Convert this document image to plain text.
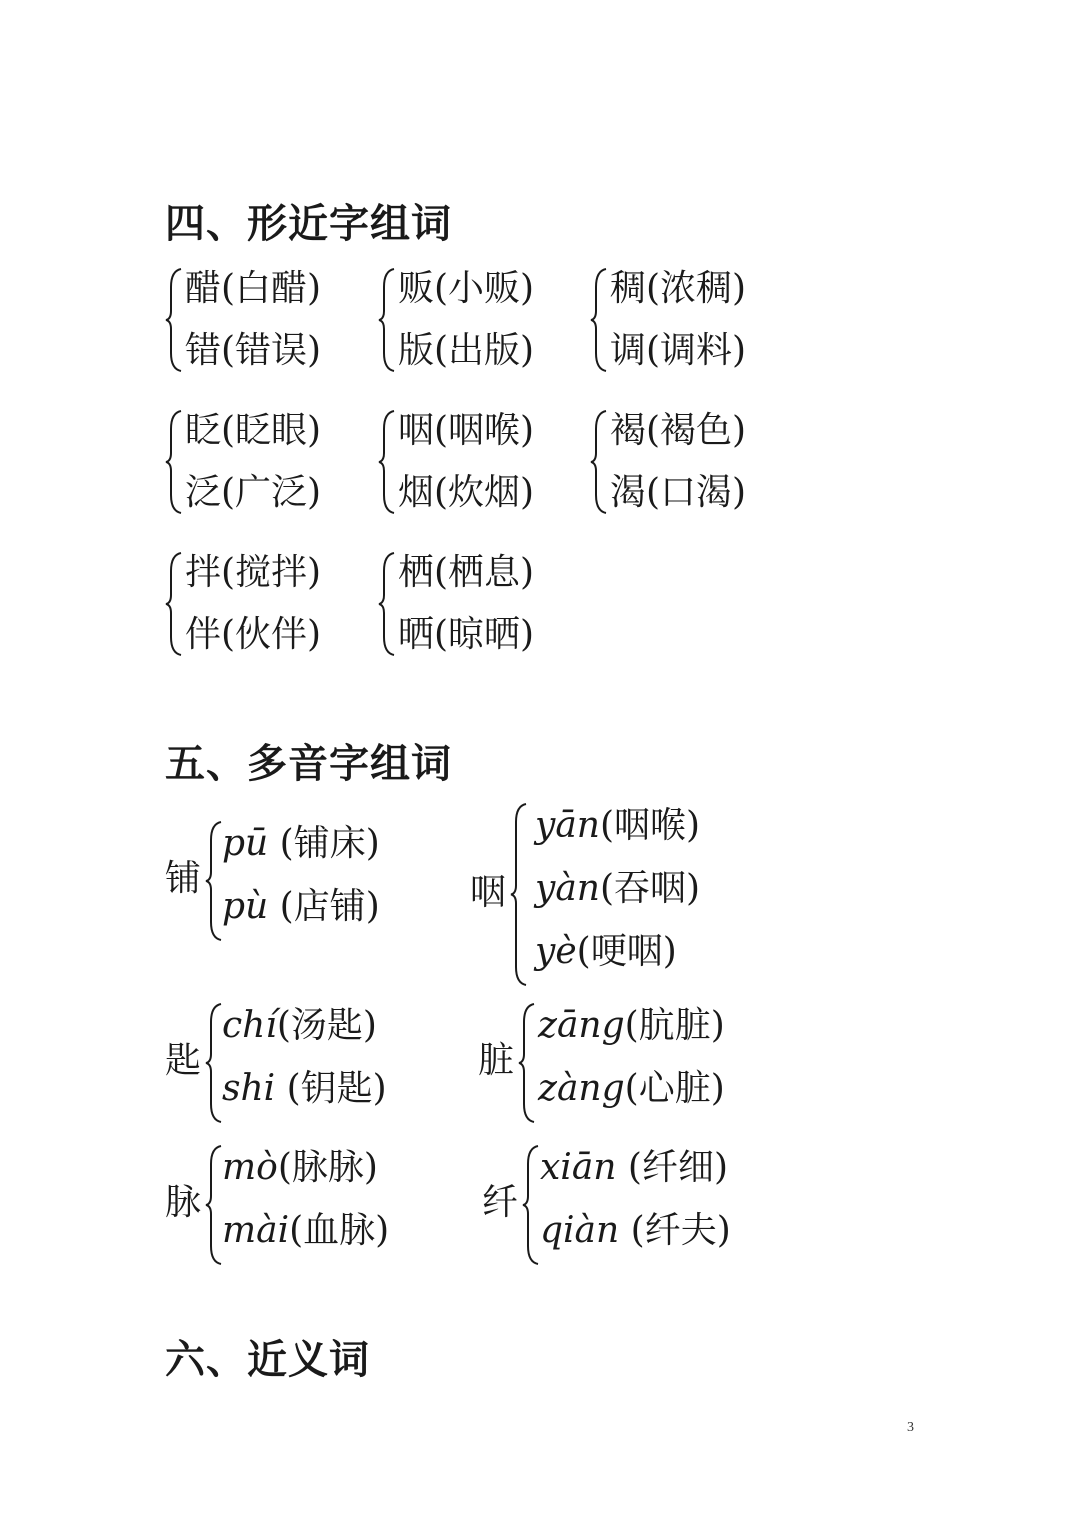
四、形近字组词
醋(白醋)
错(错误)
贩(小贩)
版(出版)
稠(浓稠)
调(调料)
眨(眨眼)
泛(广泛)
咽(咽喉)
烟(炊烟)
褐(褐色)
渴(口渴)
拌(搅拌)
伴(伙伴)
栖(栖息)
晒(晾晒)
五、多音字组词
铺
pū (铺床)
pù (店铺)	咽
yān(咽喉)
yàn(吞咽)
yè(哽咽)
匙
chí(汤匙)
shi (钥匙)
脏
zāng(肮脏)
zàng(心脏)
脉
mò(脉脉)
mài(血脉)
纤
xiān (纤细)
qiàn (纤夫)
六、近义词
3
